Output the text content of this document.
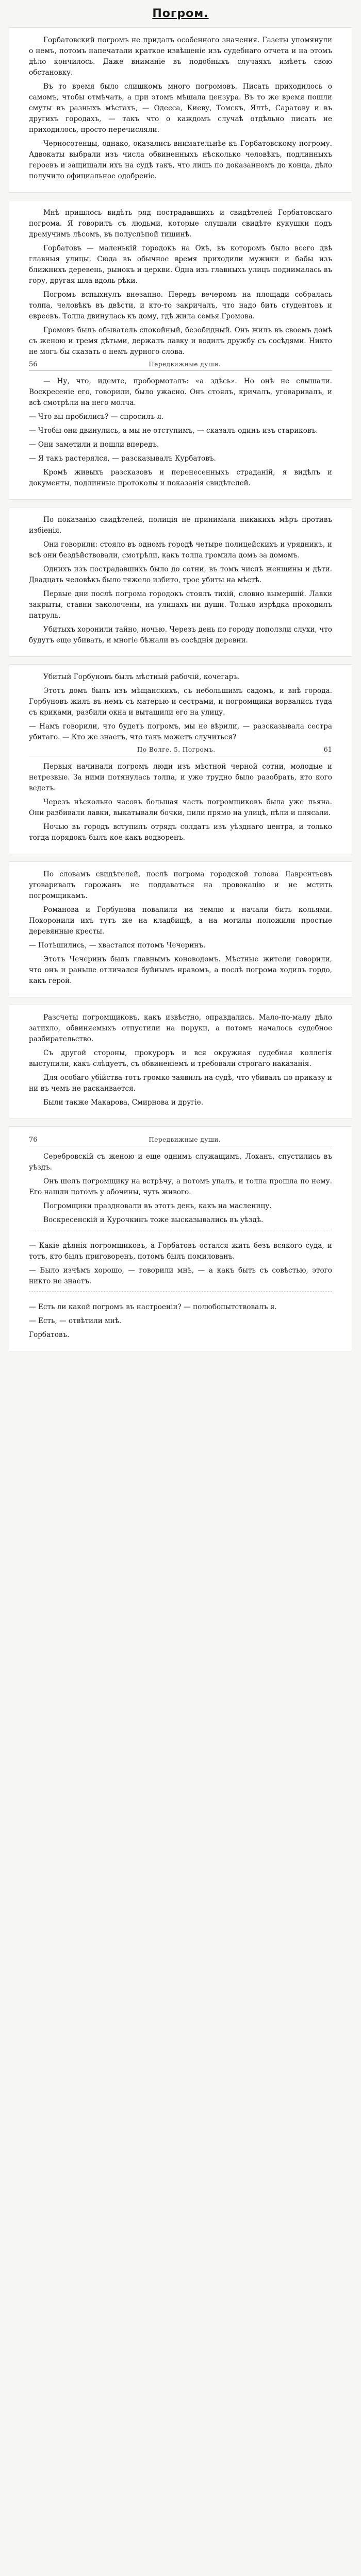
Погром.

Горбатовский погромъ не придалъ особенного значения. Газеты упомянули о немъ, потомъ напечатали краткое извѣщенiе изъ судебнаго отчета и на этомъ дѣло кончилось. Даже вниманiе въ подобныхъ случаяхъ имѣетъ свою обстановку.

Въ то время было слишкомъ много погромовъ. Писать приходилось о самомъ, чтобы отмѣчать, а при этомъ мѣшала цензура. Въ то же время пошли смуты въ разныхъ мѣстахъ, — Одесса, Киеву, Томскъ, Ялтѣ, Саратову и въ другихъ городахъ, — такъ что о каждомъ случаѣ отдѣльно писать не приходилось, просто перечисляли.

Черносотенцы, однако, оказались внимательнѣе къ Горбатовскому погрому. Адвокаты выбрали изъ числа обвиненныхъ нѣсколько человѣкъ, подлинныхъ героевъ и защищали ихъ на судѣ такъ, что лишь по доказанномъ до конца, дѣло получило официальное одобренiе.

Мнѣ пришлось видѣть ряд пострадавшихъ и свидѣтелей Горбатовскаго погрома. Я говорилъ съ людьми, которые слушали свидѣте кукушки подъ дремучимъ лѣсомъ, въ полуслѣпой тишинѣ.

Горбатовъ — маленькiй городокъ на Окѣ, въ которомъ было всего двѣ главныя улицы. Сюда въ обычное время приходили мужики и бабы изъ ближнихъ деревень, рынокъ и церкви. Одна изъ главныхъ улицъ поднималась въ гору, другая шла вдоль рѣки.

Погромъ вспыхнулъ внезапно. Передъ вечеромъ на площади собралась толпа, человѣкъ въ двѣсти, и кто-то закричалъ, что надо бить студентовъ и евреевъ. Толпа двинулась къ дому, гдѣ жила семья Громова.

Громовъ былъ обыватель спокойный, безобидный. Онъ жилъ въ своемъ домѣ съ женою и тремя дѣтьми, держалъ лавку и водилъ дружбу съ сосѣдями. Никто не могъ бы сказать о немъ дурного слова.

56	Передвижные души.

— Ну, что, идемте, пробормоталъ: «а здѣсь». Но онѣ не слышали. Воскресенiе его, говорили, было ужасно. Онъ стоялъ, кричалъ, уговаривалъ, и всѣ смотрѣли на него молча.

— Что вы пробились? — спросилъ я.

— Чтобы они двинулись, а мы не отступимъ, — сказалъ одинъ изъ стариковъ.

— Они заметили и пошли впередъ.

— Я такъ растерялся, — разсказывалъ Курбатовъ.

Кромѣ живыхъ разсказовъ и перенесенныхъ страданiй, я видѣлъ и документы, подлинные протоколы и показанiя свидѣтелей.

По показанiю свидѣтелей, полиція не принимала никакихъ мѣръ противъ избiенiя.

Они говорили: стояло въ одномъ городѣ четыре полицейскихъ и урядникъ, и всѣ они бездѣйствовали, смотрѣли, какъ толпа громила домъ за домомъ.

Однихъ изъ пострадавшихъ было до сотни, въ томъ числѣ женщины и дѣти. Двадцать человѣкъ было тяжело избито, трое убиты на мѣстѣ.

Первые дни послѣ погрома городокъ стоялъ тихiй, словно вымершiй. Лавки закрыты, ставни заколочены, на улицахъ ни души. Только изрѣдка проходилъ патруль.

Убитыхъ хоронили тайно, ночью. Черезъ день по городу поползли слухи, что будутъ еще убивать, и многiе бѣжали въ сосѣднiя деревни.

Убитый Горбуновъ былъ мѣстный рабочiй, кочегаръ.

Этотъ домъ былъ изъ мѣщанскихъ, съ небольшимъ садомъ, и внѣ города. Горбуновъ жилъ въ немъ съ матерью и сестрами, и погромщики ворвались туда съ криками, разбили окна и вытащили его на улицу.

— Намъ говорили, что будетъ погромъ, мы не вѣрили, — разсказывала сестра убитаго. — Кто же знаетъ, что такъ можетъ случиться?

По Волге. 5. Погромъ.	61

Первыя начинали погромъ люди изъ мѣстной черной сотни, молодые и нетрезвые. За ними потянулась толпа, и уже трудно было разобрать, кто кого ведетъ.

Черезъ нѣсколько часовъ большая часть погромщиковъ была уже пьяна. Они разбивали лавки, выкатывали бочки, пили прямо на улицѣ, пѣли и плясали.

Ночью въ городъ вступилъ отрядъ солдатъ изъ уѣзднаго центра, и только тогда порядокъ былъ кое-какъ водворенъ.

По словамъ свидѣтелей, послѣ погрома городской голова Лаврентьевъ уговаривалъ горожанъ не поддаваться на провокацiю и не мстить погромщикамъ.

Романова и Горбунова повалили на землю и начали бить кольями. Похоронили ихъ тутъ же на кладбищѣ, а на могилы положили простые деревянные кресты.

— Потѣшились, — хвастался потомъ Чечеринъ.

Этотъ Чечеринъ былъ главнымъ коноводомъ. Мѣстные жители говорили, что онъ и раньше отличался буйнымъ нравомъ, а послѣ погрома ходилъ гордо, какъ герой.

Разсчеты погромщиковъ, какъ извѣстно, оправдались. Мало-по-малу дѣло затихло, обвиняемыхъ отпустили на поруки, а потомъ началось судебное разбирательство.

Съ другой стороны, прокуроръ и вся окружная судебная коллегiя выступили, какъ слѣдуетъ, съ обвиненiемъ и требовали строгаго наказанiя.

Для особаго убійства тотъ громко заявилъ на судѣ, что убивалъ по приказу и ни въ чемъ не раскаивается.

Были также Макарова, Смирнова и другiе.

76	Передвижные души.

Серебровскiй съ женою и еще однимъ служащимъ, Лоханъ, спустились въ уѣздъ.

Онъ шелъ погромщику на встрѣчу, а потомъ упалъ, и толпа прошла по нему. Его нашли потомъ у обочины, чуть живого.

Погромщики праздновали въ этотъ день, какъ на масленицу.

Воскресенскiй и Курочкинъ тоже высказывались въ уѣздѣ.

— Какiе дѣянiя погромщиковъ, а Горбатовъ остался жить безъ всякого суда, и тотъ, кто былъ приговоренъ, потомъ былъ помилованъ.

— Было изчѣмъ хорошо, — говорили мнѣ, — а какъ быть съ совѣстью, этого никто не знаетъ.

— Есть ли какой погромъ въ настроенiи? — полюбопытствовалъ я.

— Есть, — отвѣтили мнѣ.

Горбатовъ.
